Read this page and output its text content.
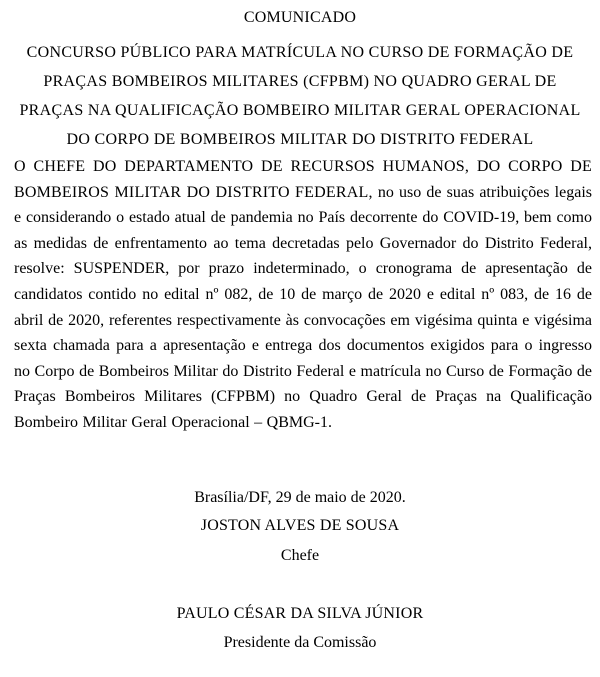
COMUNICADO
CONCURSO PÚBLICO PARA MATRÍCULA NO CURSO DE FORMAÇÃO DE
PRAÇAS BOMBEIROS MILITARES (CFPBM) NO QUADRO GERAL DE
PRAÇAS NA QUALIFICAÇÃO BOMBEIRO MILITAR GERAL OPERACIONAL
DO CORPO DE BOMBEIROS MILITAR DO DISTRITO FEDERAL
O CHEFE DO DEPARTAMENTO DE RECURSOS HUMANOS, DO CORPO DE BOMBEIROS MILITAR DO DISTRITO FEDERAL, no uso de suas atribuições legais e considerando o estado atual de pandemia no País decorrente do COVID-19, bem como as medidas de enfrentamento ao tema decretadas pelo Governador do Distrito Federal, resolve: SUSPENDER, por prazo indeterminado, o cronograma de apresentação de candidatos contido no edital nº 082, de 10 de março de 2020 e edital nº 083, de 16 de abril de 2020, referentes respectivamente às convocações em vigésima quinta e vigésima sexta chamada para a apresentação e entrega dos documentos exigidos para o ingresso no Corpo de Bombeiros Militar do Distrito Federal e matrícula no Curso de Formação de Praças Bombeiros Militares (CFPBM) no Quadro Geral de Praças na Qualificação Bombeiro Militar Geral Operacional – QBMG-1.
Brasília/DF, 29 de maio de 2020.
JOSTON ALVES DE SOUSA
Chefe
PAULO CÉSAR DA SILVA JÚNIOR
Presidente da Comissão
